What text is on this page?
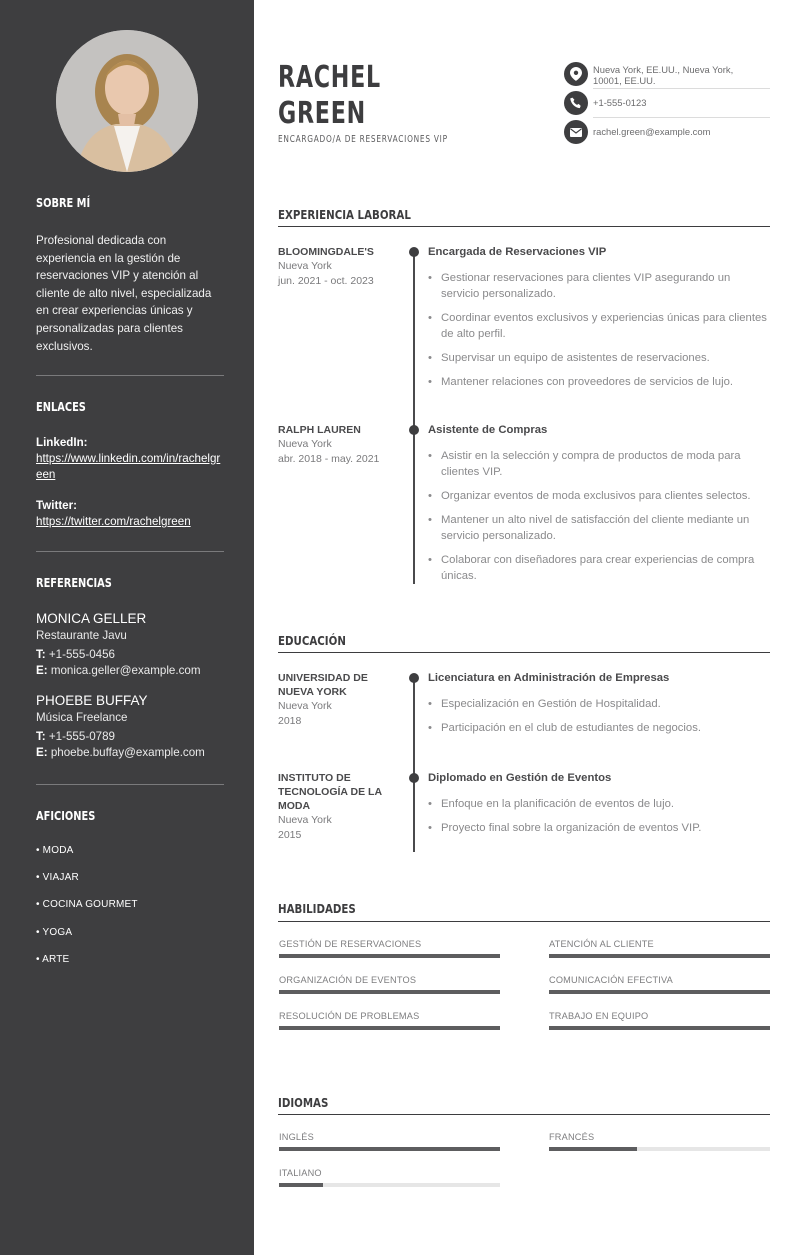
SOBRE MÍ
Profesional dedicada con experiencia en la gestión de reservaciones VIP y atención al cliente de alto nivel, especializada en crear experiencias únicas y personalizadas para clientes exclusivos.
ENLACES
LinkedIn:
https://www.linkedin.com/in/rachelgreen
Twitter:
https://twitter.com/rachelgreen
REFERENCIAS
MONICA GELLER
Restaurante Javu
T: +1-555-0456
E: monica.geller@example.com
PHOEBE BUFFAY
Música Freelance
T: +1-555-0789
E: phoebe.buffay@example.com
AFICIONES
• MODA
• VIAJAR
• COCINA GOURMET
• YOGA
• ARTE
RACHEL
GREEN
ENCARGADO/A DE RESERVACIONES VIP
Nueva York, EE.UU., Nueva York, 10001, EE.UU.
+1-555-0123
rachel.green@example.com
EXPERIENCIA LABORAL
BLOOMINGDALE'S
Nueva York
jun. 2021 - oct. 2023
Encargada de Reservaciones VIP
• Gestionar reservaciones para clientes VIP asegurando un servicio personalizado.
• Coordinar eventos exclusivos y experiencias únicas para clientes de alto perfil.
• Supervisar un equipo de asistentes de reservaciones.
• Mantener relaciones con proveedores de servicios de lujo.
RALPH LAUREN
Nueva York
abr. 2018 - may. 2021
Asistente de Compras
• Asistir en la selección y compra de productos de moda para clientes VIP.
• Organizar eventos de moda exclusivos para clientes selectos.
• Mantener un alto nivel de satisfacción del cliente mediante un servicio personalizado.
• Colaborar con diseñadores para crear experiencias de compra únicas.
EDUCACIÓN
UNIVERSIDAD DE NUEVA YORK
Nueva York
2018
Licenciatura en Administración de Empresas
• Especialización en Gestión de Hospitalidad.
• Participación en el club de estudiantes de negocios.
INSTITUTO DE TECNOLOGÍA DE LA MODA
Nueva York
2015
Diplomado en Gestión de Eventos
• Enfoque en la planificación de eventos de lujo.
• Proyecto final sobre la organización de eventos VIP.
HABILIDADES
GESTIÓN DE RESERVACIONES	ATENCIÓN AL CLIENTE
ORGANIZACIÓN DE EVENTOS	COMUNICACIÓN EFECTIVA
RESOLUCIÓN DE PROBLEMAS	TRABAJO EN EQUIPO
IDIOMAS
INGLÉS	FRANCÉS
ITALIANO
